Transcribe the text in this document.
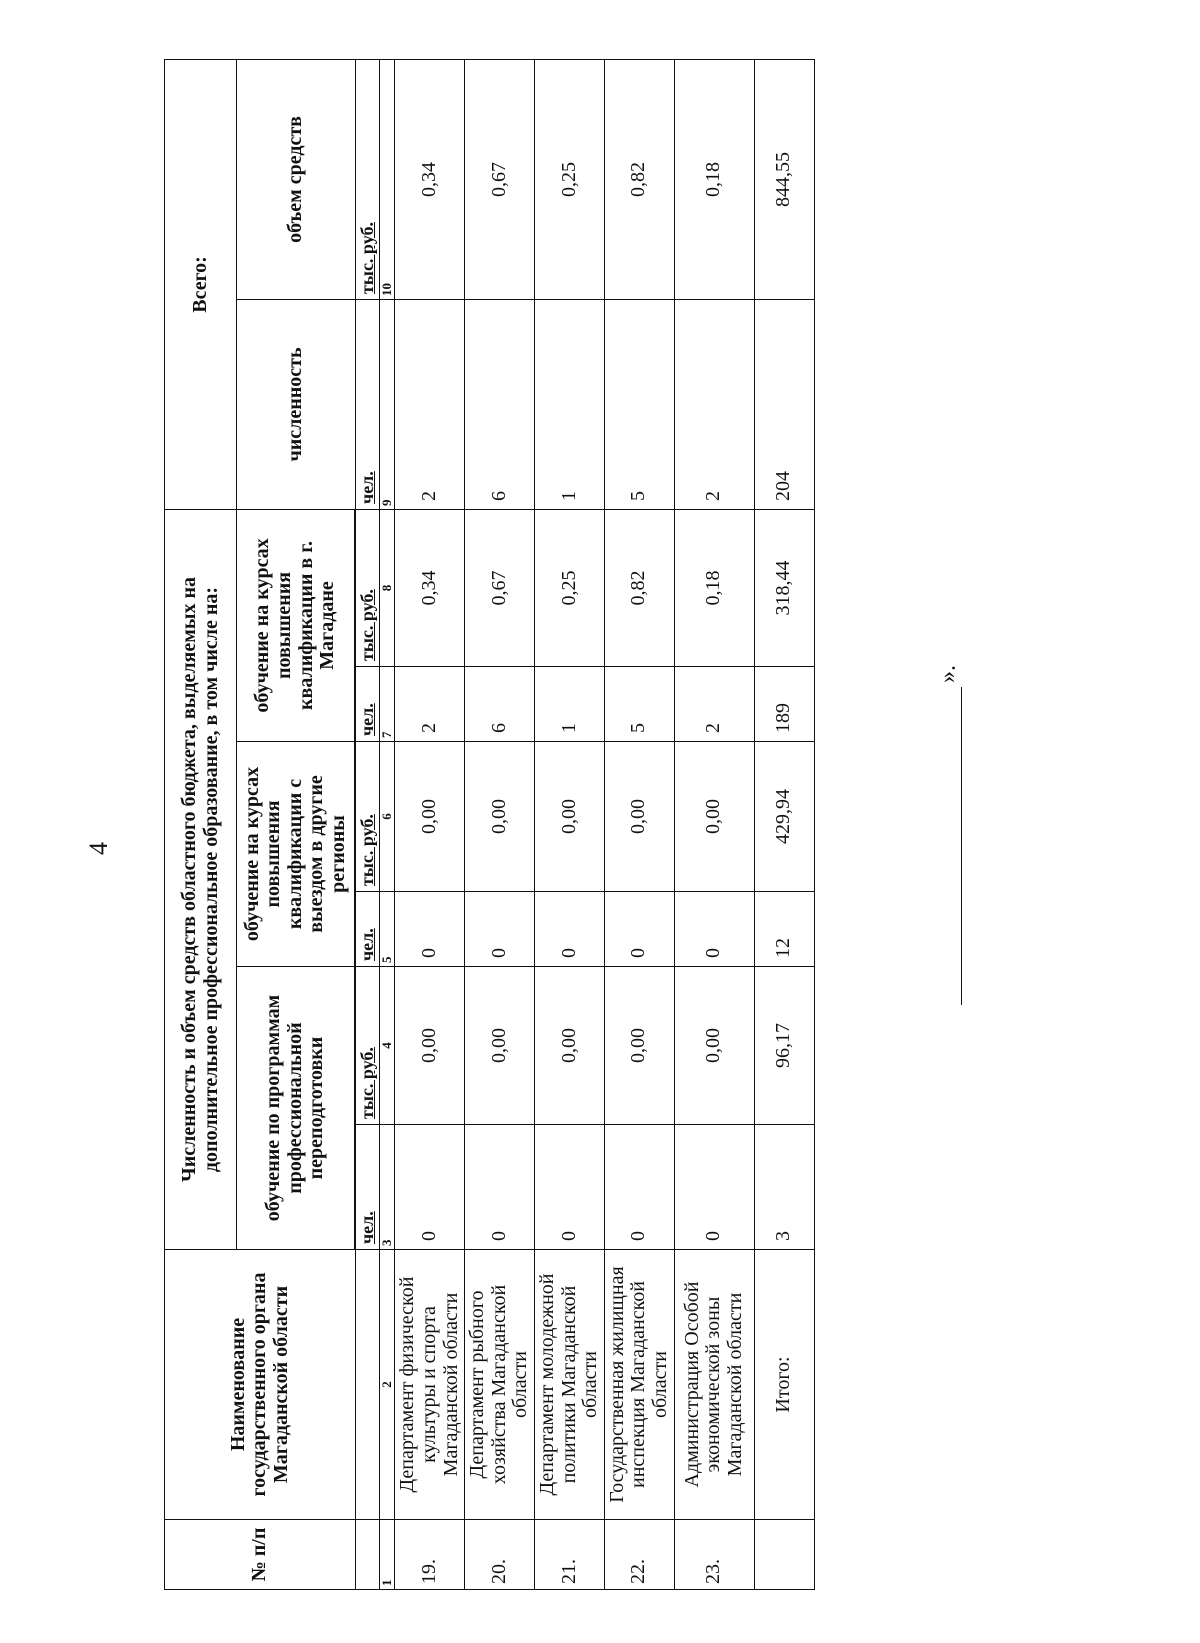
4
».
№ п/п	Наименование государственного органа Магаданской области	Численность и объем средств областного бюджета, выделяемых на дополнительное профессиональное образование, в том числе на:						Всего:	
		обучение по программам профессиональной переподготовки		обучение на курсах повышения квалификации с выездом в другие регионы		обучение на курсах повышения квалификации в г. Магадане		численность	объем средств

		чел.	тыс. руб.	чел.	тыс. руб.	чел.	тыс. руб.	чел.	тыс. руб.
1	2	3	4	5	6	7	8	9	10
19.	Департамент физической культуры и спорта Магаданской области	0	0,00	0	0,00	2	0,34	2	0,34
20.	Департамент рыбного хозяйства Магаданской области	0	0,00	0	0,00	6	0,67	6	0,67
21.	Департамент молодежной политики Магаданской области	0	0,00	0	0,00	1	0,25	1	0,25
22.	Государственная жилищная инспекция Магаданской области	0	0,00	0	0,00	5	0,82	5	0,82
23.	Администрация Особой экономической зоны Магаданской области	0	0,00	0	0,00	2	0,18	2	0,18
	Итого:	3	96,17	12	429,94	189	318,44	204	844,55
